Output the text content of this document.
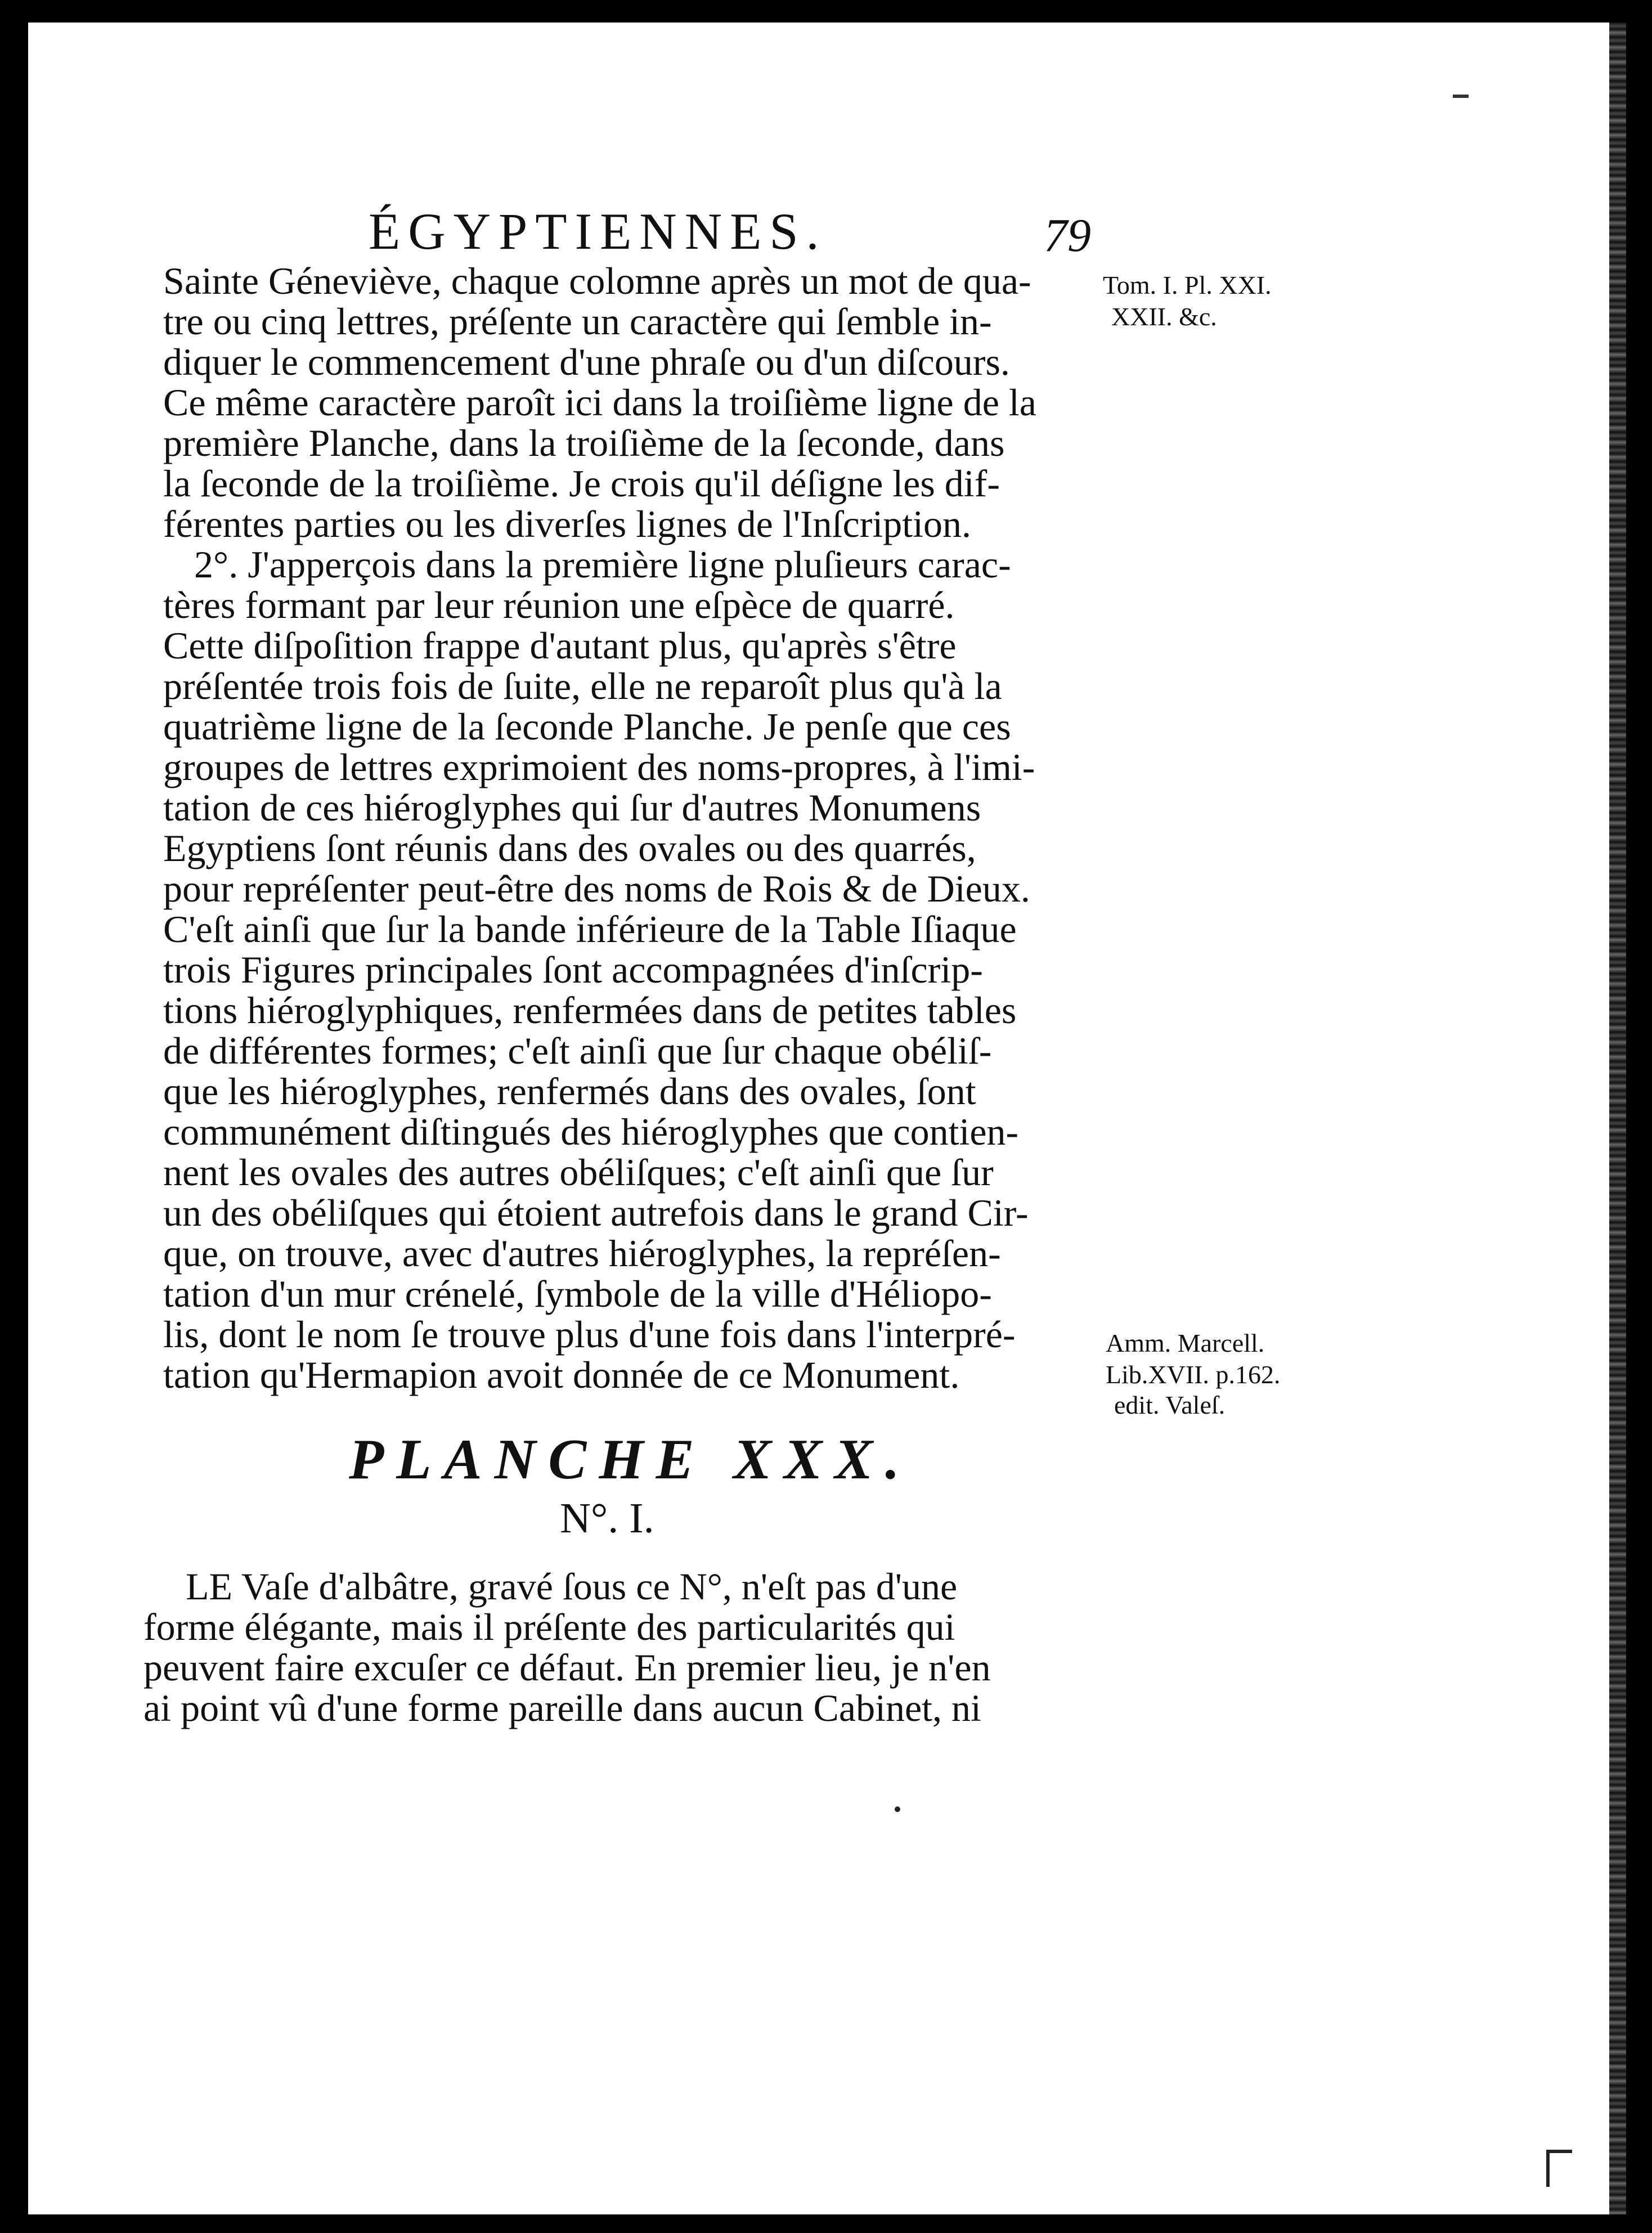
ÉGYPTIENNES.	79
Sainte Géneviève, chaque colomne après un mot de qua-
tre ou cinq lettres, préſente un caractère qui ſemble in-
diquer le commencement d'une phraſe ou d'un diſcours.
Ce même caractère paroît ici dans la troiſième ligne de la
première Planche, dans la troiſième de la ſeconde, dans
la ſeconde de la troiſième. Je crois qu'il déſigne les dif-
férentes parties ou les diverſes lignes de l'Inſcription.
2°. J'apperçois dans la première ligne pluſieurs carac-
tères formant par leur réunion une eſpèce de quarré.
Cette diſpoſition frappe d'autant plus, qu'après s'être
préſentée trois fois de ſuite, elle ne reparoît plus qu'à la
quatrième ligne de la ſeconde Planche. Je penſe que ces
groupes de lettres exprimoient des noms-propres, à l'imi-
tation de ces hiéroglyphes qui ſur d'autres Monumens
Egyptiens ſont réunis dans des ovales ou des quarrés,
pour repréſenter peut-être des noms de Rois & de Dieux.
C'eſt ainſi que ſur la bande inférieure de la Table Iſiaque
trois Figures principales ſont accompagnées d'inſcrip-
tions hiéroglyphiques, renfermées dans de petites tables
de différentes formes; c'eſt ainſi que ſur chaque obéliſ-
que les hiéroglyphes, renfermés dans des ovales, ſont
communément diſtingués des hiéroglyphes que contien-
nent les ovales des autres obéliſques; c'eſt ainſi que ſur
un des obéliſques qui étoient autrefois dans le grand Cir-
que, on trouve, avec d'autres hiéroglyphes, la repréſen-
tation d'un mur crénelé, ſymbole de la ville d'Héliopo-
lis, dont le nom ſe trouve plus d'une fois dans l'interpré-
tation qu'Hermapion avoit donnée de ce Monument.
Tom. I. Pl. XXI.
XXII. &c.
Amm. Marcell.
Lib.XVII. p.162.
edit. Valeſ.
PLANCHE XXX.
N°. I.
LE Vaſe d'albâtre, gravé ſous ce N°, n'eſt pas d'une
forme élégante, mais il préſente des particularités qui
peuvent faire excuſer ce défaut. En premier lieu, je n'en
ai point vû d'une forme pareille dans aucun Cabinet, ni
